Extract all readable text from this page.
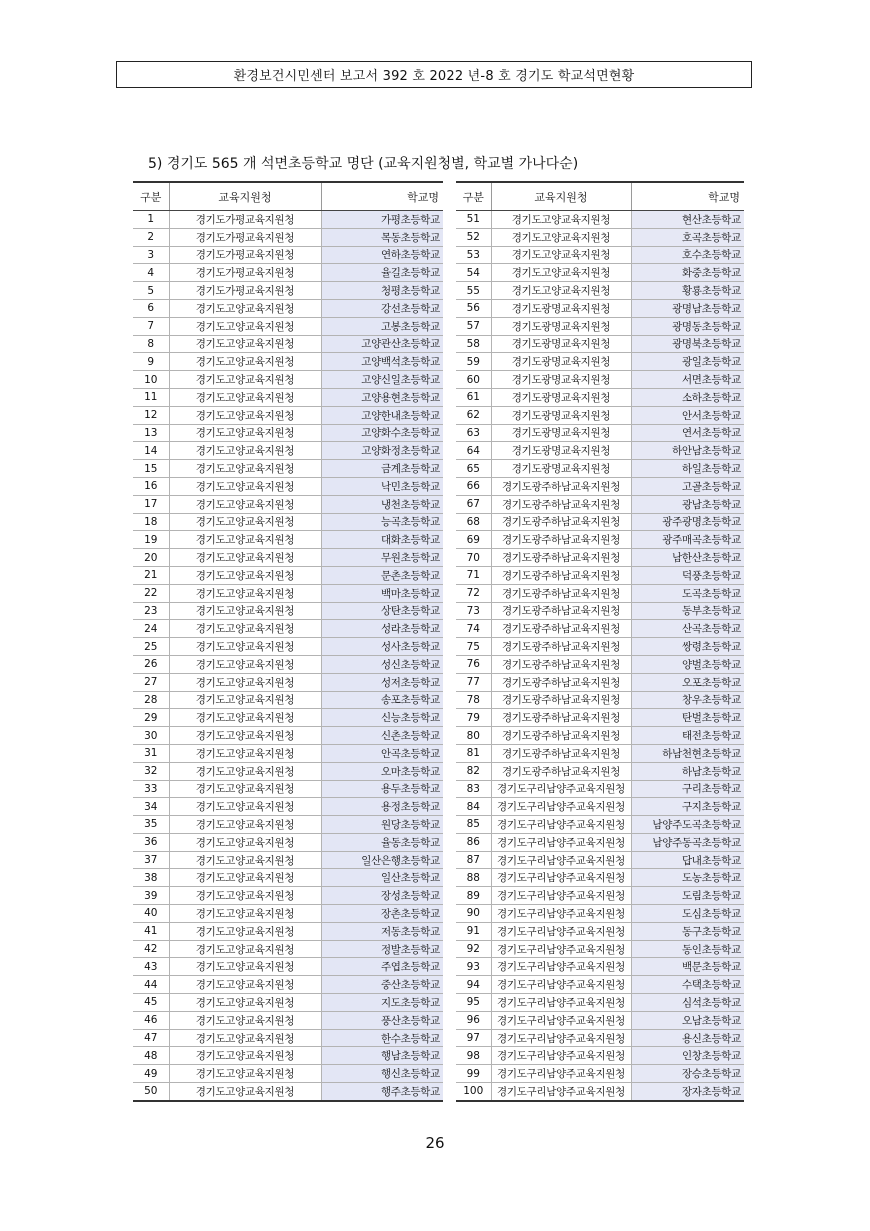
환경보건시민센터 보고서 392 호 2022 년-8 호 경기도 학교석면현황
5) 경기도 565 개 석면초등학교 명단 (교육지원청별, 학교별 가나다순)
구분	교육지원청	학교명
1	경기도가평교육지원청	가평초등학교
2	경기도가평교육지원청	목동초등학교
3	경기도가평교육지원청	연하초등학교
4	경기도가평교육지원청	율길초등학교
5	경기도가평교육지원청	청평초등학교
6	경기도고양교육지원청	강선초등학교
7	경기도고양교육지원청	고봉초등학교
8	경기도고양교육지원청	고양관산초등학교
9	경기도고양교육지원청	고양백석초등학교
10	경기도고양교육지원청	고양신일초등학교
11	경기도고양교육지원청	고양용현초등학교
12	경기도고양교육지원청	고양한내초등학교
13	경기도고양교육지원청	고양화수초등학교
14	경기도고양교육지원청	고양화정초등학교
15	경기도고양교육지원청	금계초등학교
16	경기도고양교육지원청	낙민초등학교
17	경기도고양교육지원청	냉천초등학교
18	경기도고양교육지원청	능곡초등학교
19	경기도고양교육지원청	대화초등학교
20	경기도고양교육지원청	무원초등학교
21	경기도고양교육지원청	문촌초등학교
22	경기도고양교육지원청	백마초등학교
23	경기도고양교육지원청	상탄초등학교
24	경기도고양교육지원청	성라초등학교
25	경기도고양교육지원청	성사초등학교
26	경기도고양교육지원청	성신초등학교
27	경기도고양교육지원청	성저초등학교
28	경기도고양교육지원청	송포초등학교
29	경기도고양교육지원청	신능초등학교
30	경기도고양교육지원청	신촌초등학교
31	경기도고양교육지원청	안곡초등학교
32	경기도고양교육지원청	오마초등학교
33	경기도고양교육지원청	용두초등학교
34	경기도고양교육지원청	용정초등학교
35	경기도고양교육지원청	원당초등학교
36	경기도고양교육지원청	율동초등학교
37	경기도고양교육지원청	일산은행초등학교
38	경기도고양교육지원청	일산초등학교
39	경기도고양교육지원청	장성초등학교
40	경기도고양교육지원청	장촌초등학교
41	경기도고양교육지원청	저동초등학교
42	경기도고양교육지원청	정발초등학교
43	경기도고양교육지원청	주엽초등학교
44	경기도고양교육지원청	중산초등학교
45	경기도고양교육지원청	지도초등학교
46	경기도고양교육지원청	풍산초등학교
47	경기도고양교육지원청	한수초등학교
48	경기도고양교육지원청	행남초등학교
49	경기도고양교육지원청	행신초등학교
50	경기도고양교육지원청	행주초등학교
구분	교육지원청	학교명
51	경기도고양교육지원청	현산초등학교
52	경기도고양교육지원청	호곡초등학교
53	경기도고양교육지원청	호수초등학교
54	경기도고양교육지원청	화중초등학교
55	경기도고양교육지원청	황룡초등학교
56	경기도광명교육지원청	광명남초등학교
57	경기도광명교육지원청	광명동초등학교
58	경기도광명교육지원청	광명북초등학교
59	경기도광명교육지원청	광일초등학교
60	경기도광명교육지원청	서면초등학교
61	경기도광명교육지원청	소하초등학교
62	경기도광명교육지원청	안서초등학교
63	경기도광명교육지원청	연서초등학교
64	경기도광명교육지원청	하안남초등학교
65	경기도광명교육지원청	하일초등학교
66	경기도광주하남교육지원청	고골초등학교
67	경기도광주하남교육지원청	광남초등학교
68	경기도광주하남교육지원청	광주광명초등학교
69	경기도광주하남교육지원청	광주매곡초등학교
70	경기도광주하남교육지원청	남한산초등학교
71	경기도광주하남교육지원청	덕풍초등학교
72	경기도광주하남교육지원청	도곡초등학교
73	경기도광주하남교육지원청	동부초등학교
74	경기도광주하남교육지원청	산곡초등학교
75	경기도광주하남교육지원청	쌍령초등학교
76	경기도광주하남교육지원청	양벌초등학교
77	경기도광주하남교육지원청	오포초등학교
78	경기도광주하남교육지원청	창우초등학교
79	경기도광주하남교육지원청	탄벌초등학교
80	경기도광주하남교육지원청	태전초등학교
81	경기도광주하남교육지원청	하남천현초등학교
82	경기도광주하남교육지원청	하남초등학교
83	경기도구리남양주교육지원청	구리초등학교
84	경기도구리남양주교육지원청	구지초등학교
85	경기도구리남양주교육지원청	남양주도곡초등학교
86	경기도구리남양주교육지원청	남양주동곡초등학교
87	경기도구리남양주교육지원청	답내초등학교
88	경기도구리남양주교육지원청	도농초등학교
89	경기도구리남양주교육지원청	도림초등학교
90	경기도구리남양주교육지원청	도심초등학교
91	경기도구리남양주교육지원청	동구초등학교
92	경기도구리남양주교육지원청	동인초등학교
93	경기도구리남양주교육지원청	백문초등학교
94	경기도구리남양주교육지원청	수택초등학교
95	경기도구리남양주교육지원청	심석초등학교
96	경기도구리남양주교육지원청	오남초등학교
97	경기도구리남양주교육지원청	용신초등학교
98	경기도구리남양주교육지원청	인창초등학교
99	경기도구리남양주교육지원청	장승초등학교
100	경기도구리남양주교육지원청	장자초등학교
26
